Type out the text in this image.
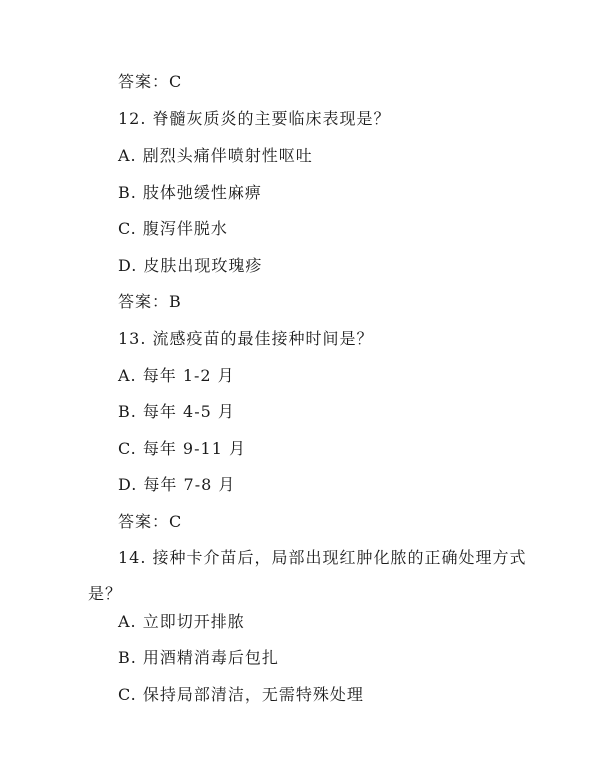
答案：C
12. 脊髓灰质炎的主要临床表现是？
A. 剧烈头痛伴喷射性呕吐
B. 肢体弛缓性麻痹
C. 腹泻伴脱水
D. 皮肤出现玫瑰疹
答案：B
13. 流感疫苗的最佳接种时间是？
A. 每年 1-2 月
B. 每年 4-5 月
C. 每年 9-11 月
D. 每年 7-8 月
答案：C
14. 接种卡介苗后，局部出现红肿化脓的正确处理方式是？
A. 立即切开排脓
B. 用酒精消毒后包扎
C. 保持局部清洁，无需特殊处理
